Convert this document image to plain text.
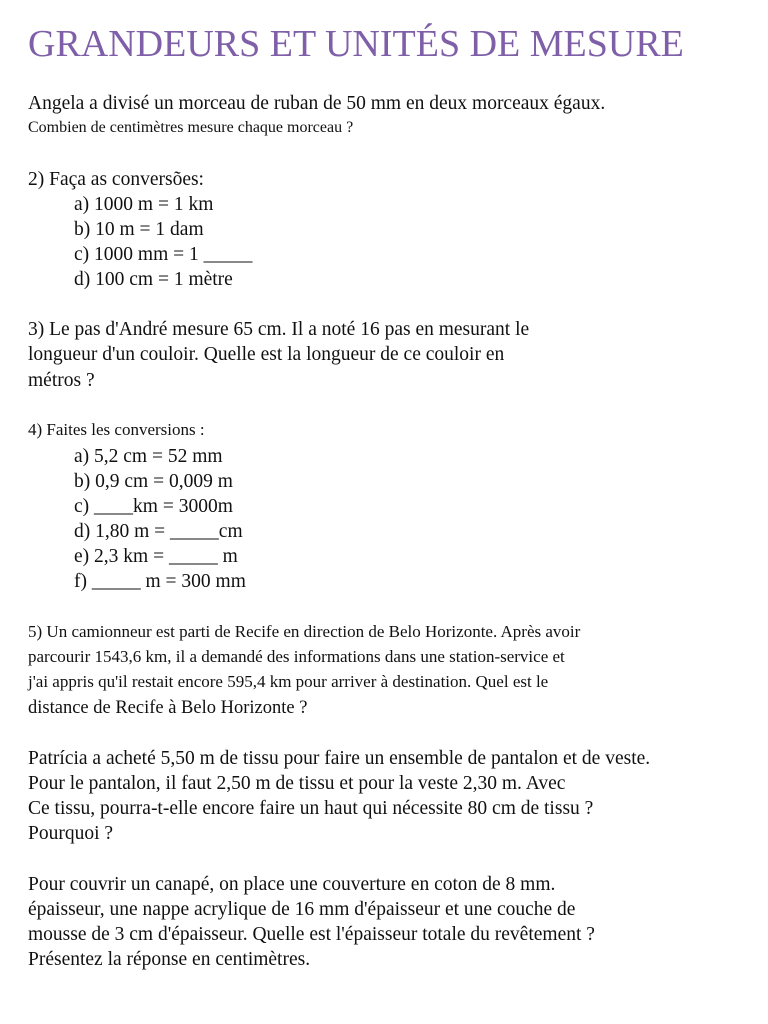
GRANDEURS ET UNITÉS DE MESURE
Angela a divisé un morceau de ruban de 50 mm en deux morceaux égaux.
Combien de centimètres mesure chaque morceau ?
2) Faça as conversões:
a) 1000 m = 1 km
b) 10 m = 1 dam
c) 1000 mm = 1 _____
d) 100 cm = 1 mètre
3) Le pas d'André mesure 65 cm. Il a noté 16 pas en mesurant le
longueur d'un couloir. Quelle est la longueur de ce couloir en
métros ?
4) Faites les conversions :
a) 5,2 cm = 52 mm
b) 0,9 cm = 0,009 m
c) ____km = 3000m
d) 1,80 m = _____cm
e) 2,3 km = _____ m
f) _____ m = 300 mm
5) Un camionneur est parti de Recife en direction de Belo Horizonte. Après avoir
parcourir 1543,6 km, il a demandé des informations dans une station-service et
j'ai appris qu'il restait encore 595,4 km pour arriver à destination. Quel est le
distance de Recife à Belo Horizonte ?
Patrícia a acheté 5,50 m de tissu pour faire un ensemble de pantalon et de veste.
Pour le pantalon, il faut 2,50 m de tissu et pour la veste 2,30 m. Avec
Ce tissu, pourra-t-elle encore faire un haut qui nécessite 80 cm de tissu ?
Pourquoi ?
Pour couvrir un canapé, on place une couverture en coton de 8 mm.
épaisseur, une nappe acrylique de 16 mm d'épaisseur et une couche de
mousse de 3 cm d'épaisseur. Quelle est l'épaisseur totale du revêtement ?
Présentez la réponse en centimètres.
